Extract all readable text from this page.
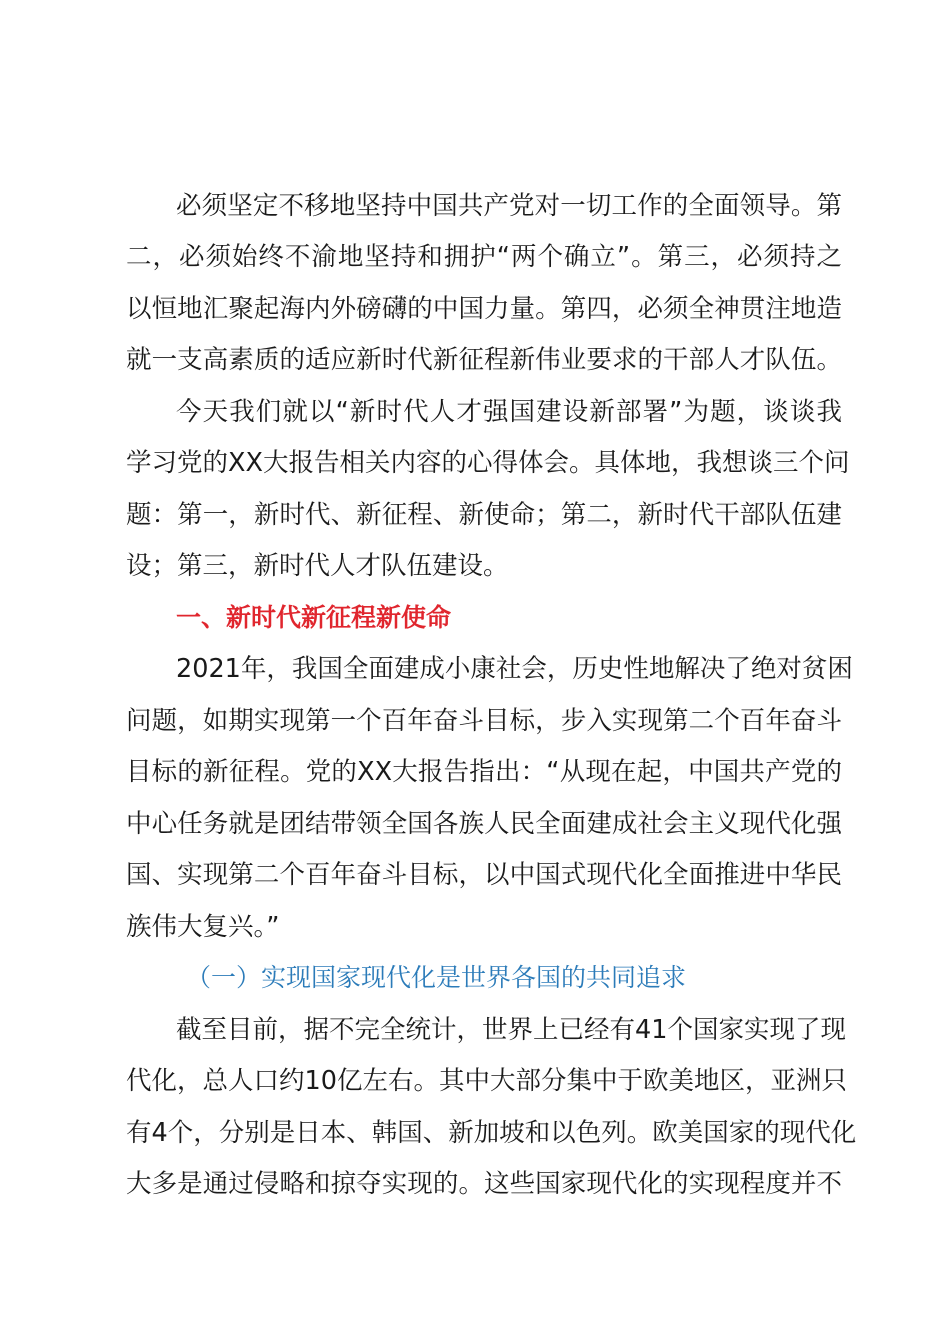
必须坚定不移地坚持中国共产党对一切工作的全面领导。第
二，必须始终不渝地坚持和拥护“两个确立”。第三，必须持之
以恒地汇聚起海内外磅礴的中国力量。第四，必须全神贯注地造
就一支高素质的适应新时代新征程新伟业要求的干部人才队伍。
今天我们就以“新时代人才强国建设新部署”为题，谈谈我
学习党的XX大报告相关内容的心得体会。具体地，我想谈三个问
题：第一，新时代、新征程、新使命；第二，新时代干部队伍建
设；第三，新时代人才队伍建设。
一、新时代新征程新使命
2021年，我国全面建成小康社会，历史性地解决了绝对贫困
问题，如期实现第一个百年奋斗目标，步入实现第二个百年奋斗
目标的新征程。党的XX大报告指出：“从现在起，中国共产党的
中心任务就是团结带领全国各族人民全面建成社会主义现代化强
国、实现第二个百年奋斗目标，以中国式现代化全面推进中华民
族伟大复兴。”
（一）实现国家现代化是世界各国的共同追求
截至目前，据不完全统计，世界上已经有41个国家实现了现
代化，总人口约10亿左右。其中大部分集中于欧美地区，亚洲只
有4个，分别是日本、韩国、新加坡和以色列。欧美国家的现代化
大多是通过侵略和掠夺实现的。这些国家现代化的实现程度并不
